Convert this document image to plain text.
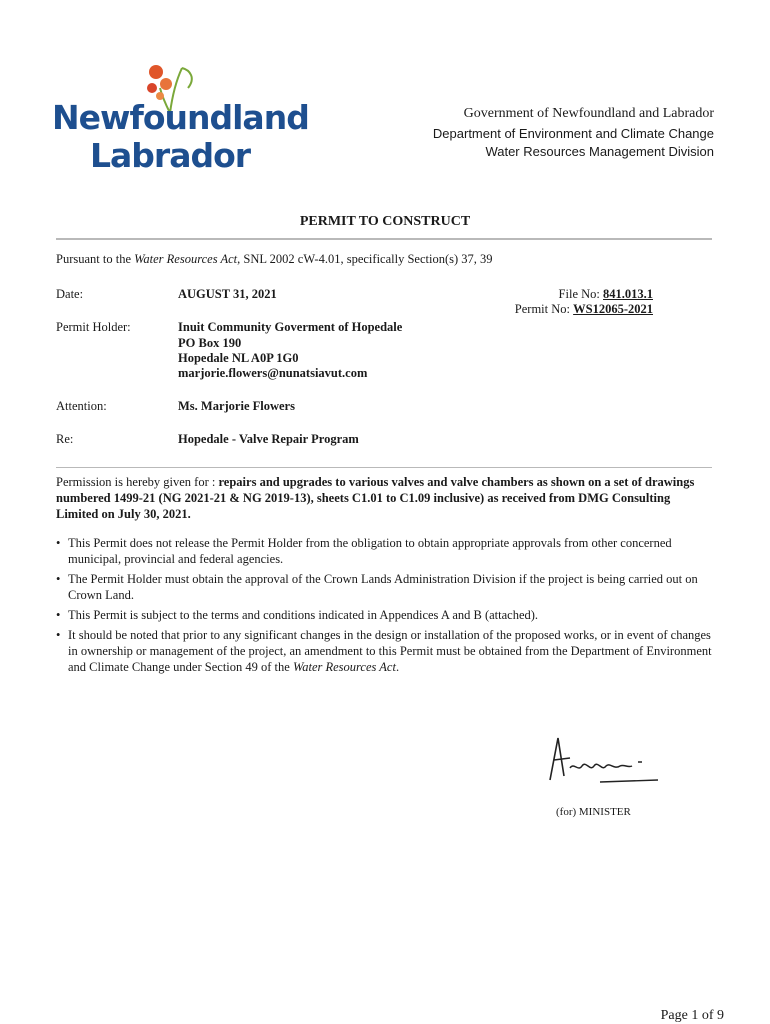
Newfoundland
Labrador
Government of Newfoundland and Labrador
Department of Environment and Climate Change
Water Resources Management Division
PERMIT TO CONSTRUCT
Pursuant to the Water Resources Act, SNL 2002 cW-4.01, specifically Section(s) 37, 39
Date:	AUGUST 31, 2021	File No: 841.013.1
Permit No: WS12065-2021
Permit Holder:	Inuit Community Goverment of Hopedale
PO Box 190
Hopedale NL A0P 1G0
marjorie.flowers@nunatsiavut.com
Attention:	Ms. Marjorie Flowers
Re:	Hopedale - Valve Repair Program
Permission is hereby given for : repairs and upgrades to various valves and valve chambers as shown on a set of drawings numbered 1499-21 (NG 2021-21 & NG 2019-13), sheets C1.01 to C1.09 inclusive) as received from DMG Consulting Limited on July 30, 2021.
• This Permit does not release the Permit Holder from the obligation to obtain appropriate approvals from other concerned municipal, provincial and federal agencies.
• The Permit Holder must obtain the approval of the Crown Lands Administration Division if the project is being carried out on Crown Land.
• This Permit is subject to the terms and conditions indicated in Appendices A and B (attached).
• It should be noted that prior to any significant changes in the design or installation of the proposed works, or in event of changes in ownership or management of the project, an amendment to this Permit must be obtained from the Department of Environment and Climate Change under Section 49 of the Water Resources Act.
(for) MINISTER
Page 1 of 9
